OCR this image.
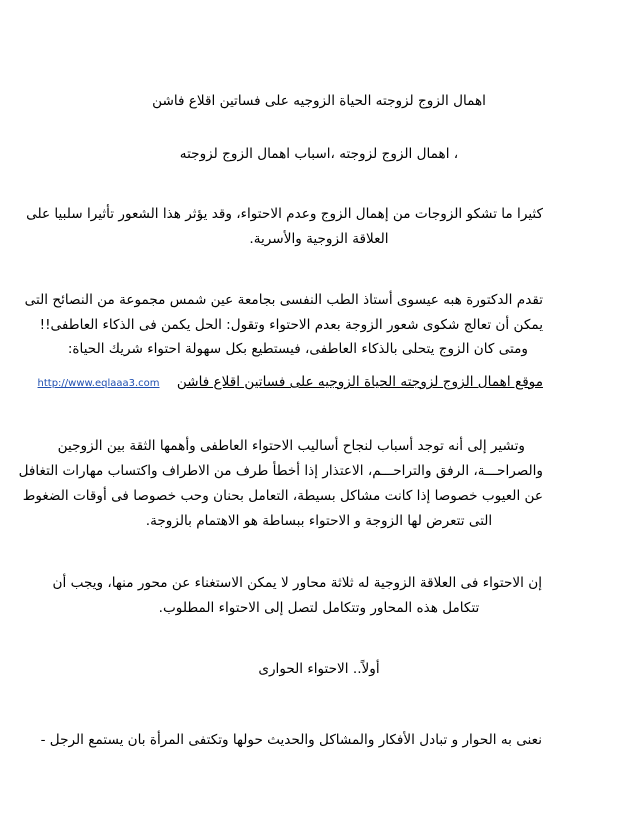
اهمال الزوج لزوجته الحياة الزوجيه على فساتين اقلاع فاشن
، اهمال الزوج لزوجته ،اسباب اهمال الزوج لزوجته
كثيرا ما تشكو الزوجات من إهمال الزوج وعدم الاحتواء، وقد يؤثر هذا الشعور تأثيرا سلبيا على
العلاقة الزوجية والأسرية.
تقدم الدكتورة هبه عيسوى أستاذ الطب النفسى بجامعة عين شمس مجموعة من النصائح التى
يمكن أن تعالج شكوى شعور الزوجة بعدم الاحتواء وتقول: الحل يكمن فى الذكاء العاطفى!!
ومتى كان الزوج يتحلى بالذكاء العاطفى، فيستطيع بكل سهولة احتواء شريك الحياة:
موقع اهمال الزوج لزوجته الحياة الزوجيه على فساتين اقلاع فاشن    http://www.eqlaaa3.com
وتشير إلى أنه توجد أسباب لنجاح أساليب الاحتواء العاطفى وأهمها الثقة بين الزوجين
والصراحـــة، الرفق والتراحـــم، الاعتذار إذا أخطأ طرف من الاطراف واكتساب مهارات التغافل
عن العيوب خصوصا إذا كانت مشاكل بسيطة، التعامل بحنان وحب خصوصا فى أوقات الضغوط
التى تتعرض لها الزوجة و الاحتواء ببساطة هو الاهتمام بالزوجة.
إن الاحتواء فى العلاقة الزوجية له ثلاثة محاور لا يمكن الاستغناء عن محور منها، ويجب أن
تتكامل هذه المحاور وتتكامل لتصل إلى الاحتواء المطلوب.
أولاً.. الاحتواء الحوارى
نعنى به الحوار و تبادل الأفكار والمشاكل والحديث حولها وتكتفى المرأة بان يستمع الرجل -
